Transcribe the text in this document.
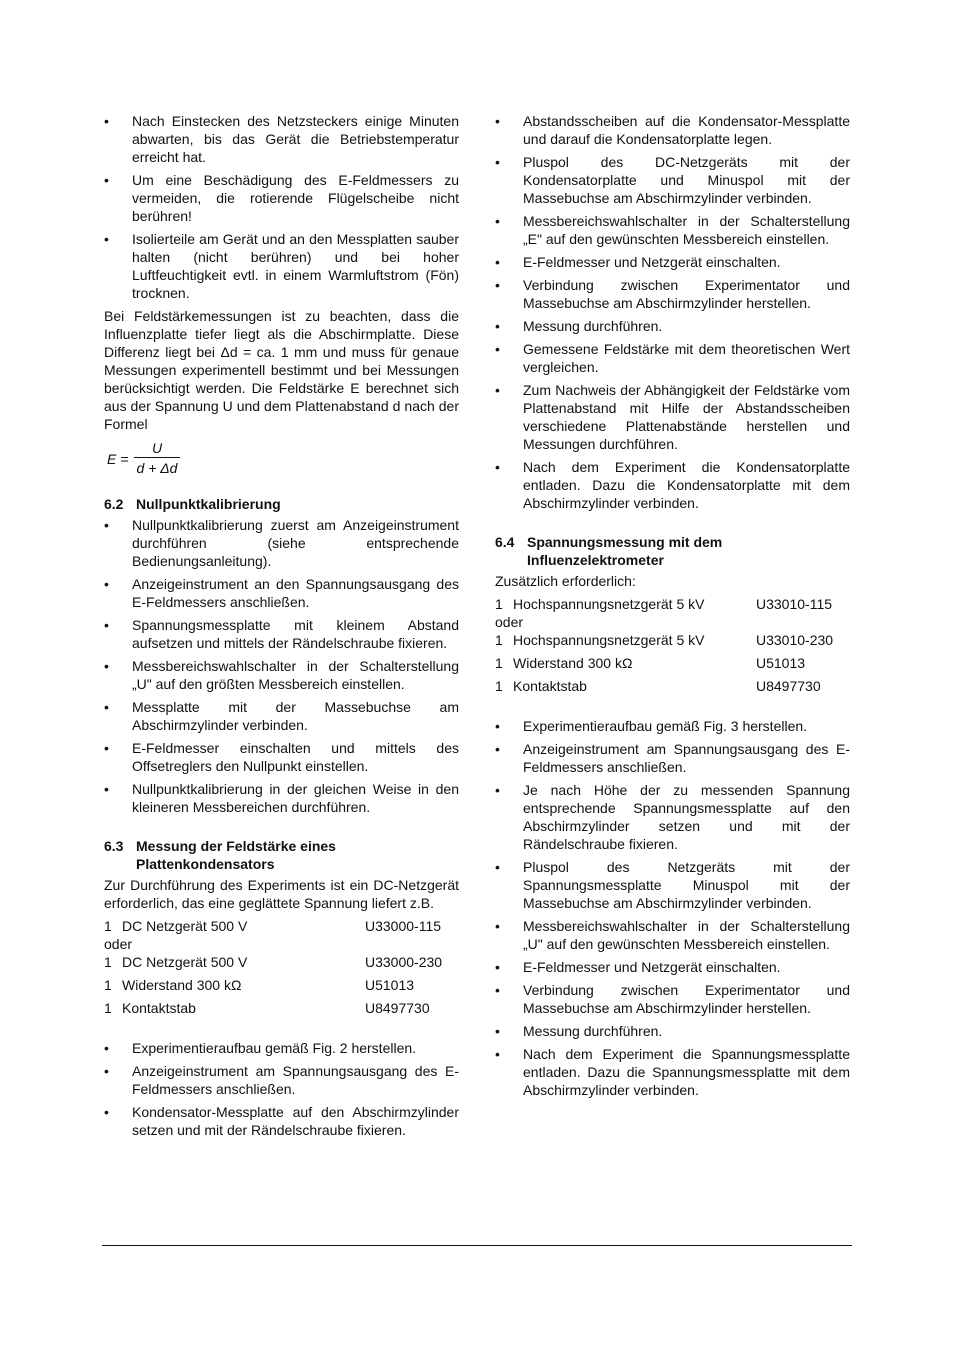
• Nach Einstecken des Netzsteckers einige Minuten abwarten, bis das Gerät die Betriebstemperatur erreicht hat.
• Um eine Beschädigung des E-Feldmessers zu vermeiden, die rotierende Flügelscheibe nicht berühren!
• Isolierteile am Gerät und an den Messplatten sauber halten (nicht berühren) und bei hoher Luftfeuchtigkeit evtl. in einem Warmluftstrom (Fön) trocknen.

Bei Feldstärkemessungen ist zu beachten, dass die Influenzplatte tiefer liegt als die Abschirmplatte. Diese Differenz liegt bei Δd = ca. 1 mm und muss für genaue Messungen experimentell bestimmt und bei Messungen berücksichtigt werden. Die Feldstärke E berechnet sich aus der Spannung U und dem Plattenabstand d nach der Formel

E =
U
d + Δd
6.2 Nullpunktkalibrierung
• Nullpunktkalibrierung zuerst am Anzeigeinstrument durchführen (siehe entsprechende Bedienungsanleitung).
• Anzeigeinstrument an den Spannungsausgang des E-Feldmessers anschließen.
• Spannungsmessplatte mit kleinem Abstand aufsetzen und mittels der Rändelschraube fixieren.
• Messbereichswahlschalter in der Schalterstellung „U" auf den größten Messbereich einstellen.
• Messplatte mit der Massebuchse am Abschirmzylinder verbinden.
• E-Feldmesser einschalten und mittels des Offsetreglers den Nullpunkt einstellen.
• Nullpunktkalibrierung in der gleichen Weise in den kleineren Messbereichen durchführen.
6.3 Messung der Feldstärke eines Plattenkondensators

Zur Durchführung des Experiments ist ein DC-Netzgerät erforderlich, das eine geglättete Spannung liefert z.B.

1	DC Netzgerät 500 V	U33000-115
oder		
1	DC Netzgerät 500 V	U33000-230
1	Widerstand 300 kΩ	U51013
1	Kontaktstab	U8497730
• Experimentieraufbau gemäß Fig. 2 herstellen.
• Anzeigeinstrument am Spannungsausgang des E-Feldmessers anschließen.
• Kondensator-Messplatte auf den Abschirmzylinder setzen und mit der Rändelschraube fixieren.
• Abstandsscheiben auf die Kondensator-Messplatte und darauf die Kondensatorplatte legen.
• Pluspol des DC-Netzgeräts mit der Kondensatorplatte und Minuspol mit der Massebuchse am Abschirmzylinder verbinden.
• Messbereichswahlschalter in der Schalterstellung „E" auf den gewünschten Messbereich einstellen.
• E-Feldmesser und Netzgerät einschalten.
• Verbindung zwischen Experimentator und Massebuchse am Abschirmzylinder herstellen.
• Messung durchführen.
• Gemessene Feldstärke mit dem theoretischen Wert vergleichen.
• Zum Nachweis der Abhängigkeit der Feldstärke vom Plattenabstand mit Hilfe der Abstandsscheiben verschiedene Plattenabstände herstellen und Messungen durchführen.
• Nach dem Experiment die Kondensatorplatte entladen. Dazu die Kondensatorplatte mit dem Abschirmzylinder verbinden.
6.4 Spannungsmessung mit dem Influenzelektrometer

Zusätzlich erforderlich:

1	Hochspannungsnetzgerät 5 kV	U33010-115
oder		
1	Hochspannungsnetzgerät 5 kV	U33010-230
1	Widerstand 300 kΩ	U51013
1	Kontaktstab	U8497730
• Experimentieraufbau gemäß Fig. 3 herstellen.
• Anzeigeinstrument am Spannungsausgang des E-Feldmessers anschließen.
• Je nach Höhe der zu messenden Spannung entsprechende Spannungsmessplatte auf den Abschirmzylinder setzen und mit der Rändelschraube fixieren.
• Pluspol des Netzgeräts mit der Spannungsmessplatte Minuspol mit der Massebuchse am Abschirmzylinder verbinden.
• Messbereichswahlschalter in der Schalterstellung „U" auf den gewünschten Messbereich einstellen.
• E-Feldmesser und Netzgerät einschalten.
• Verbindung zwischen Experimentator und Massebuchse am Abschirmzylinder herstellen.
• Messung durchführen.
• Nach dem Experiment die Spannungsmessplatte entladen. Dazu die Spannungsmessplatte mit dem Abschirmzylinder verbinden.
